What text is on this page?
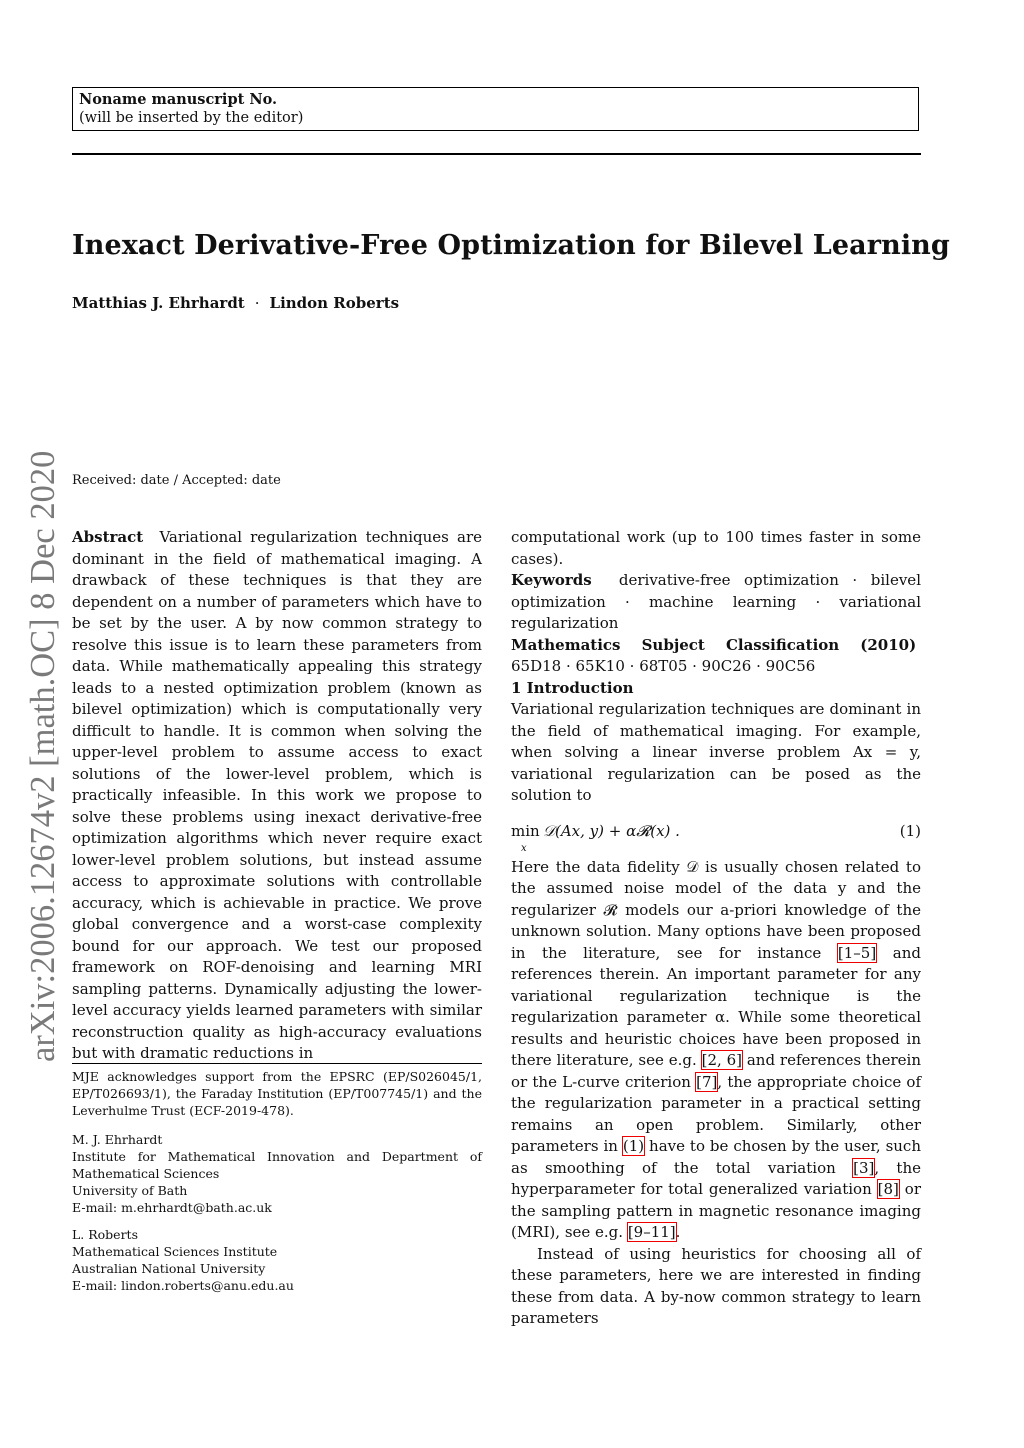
Noname manuscript No.
(will be inserted by the editor)
Inexact Derivative-Free Optimization for Bilevel Learning
Matthias J. Ehrhardt · Lindon Roberts
Received: date / Accepted: date
arXiv:2006.12674v2 [math.OC] 8 Dec 2020 Abstract Variational regularization techniques are dominant in the field of mathematical imaging. A drawback of these techniques is that they are dependent on a number of parameters which have to be set by the user. A by now common strategy to resolve this issue is to learn these parameters from data. While mathematically appealing this strategy leads to a nested optimization problem (known as bilevel optimization) which is computationally very difficult to handle. It is common when solving the upper-level problem to assume access to exact solutions of the lower-level problem, which is practically infeasible. In this work we propose to solve these problems using inexact derivative-free optimization algorithms which never require exact lower-level problem solutions, but instead assume access to approximate solutions with controllable accuracy, which is achievable in practice. We prove global convergence and a worst-case complexity bound for our approach. We test our proposed framework on ROF-denoising and learning MRI sampling patterns. Dynamically adjusting the lower-level accuracy yields learned parameters with similar reconstruction quality as high-accuracy evaluations but with dramatic reductions in

MJE acknowledges support from the EPSRC (EP/S026045/1, EP/T026693/1), the Faraday Institution (EP/T007745/1) and the Leverhulme Trust (ECF-2019-478).
M. J. Ehrhardt
Institute for Mathematical Innovation and Department of
Mathematical Sciences
University of Bath
E-mail: m.ehrhardt@bath.ac.uk
L. Roberts
Mathematical Sciences Institute
Australian National University
E-mail: lindon.roberts@anu.edu.au

computational work (up to 100 times faster in some cases).

Keywords derivative-free optimization · bilevel optimization · machine learning · variational regularization

Mathematics Subject Classification (2010)  65D18 · 65K10 · 68T05 · 90C26 · 90C56

1 Introduction

Variational regularization techniques are dominant in the field of mathematical imaging. For example, when solving a linear inverse problem Ax = y, variational regularization can be posed as the solution to

min
x
𝒟(Ax, y) + α𝓡(x) .	(1)

Here the data fidelity 𝒟 is usually chosen related to the assumed noise model of the data y and the regularizer 𝓡 models our a-priori knowledge of the unknown solution. Many options have been proposed in the literature, see for instance [1–5] and references therein. An important parameter for any variational regularization technique is the regularization parameter α. While some theoretical results and heuristic choices have been proposed in there literature, see e.g. [2, 6] and references therein or the L-curve criterion [7], the appropriate choice of the regularization parameter in a practical setting remains an open problem. Similarly, other parameters in (1) have to be chosen by the user, such as smoothing of the total variation [3], the hyperparameter for total generalized variation [8] or the sampling pattern in magnetic resonance imaging (MRI), see e.g. [9–11].

Instead of using heuristics for choosing all of these parameters, here we are interested in finding these from data. A by-now common strategy to learn parameters
